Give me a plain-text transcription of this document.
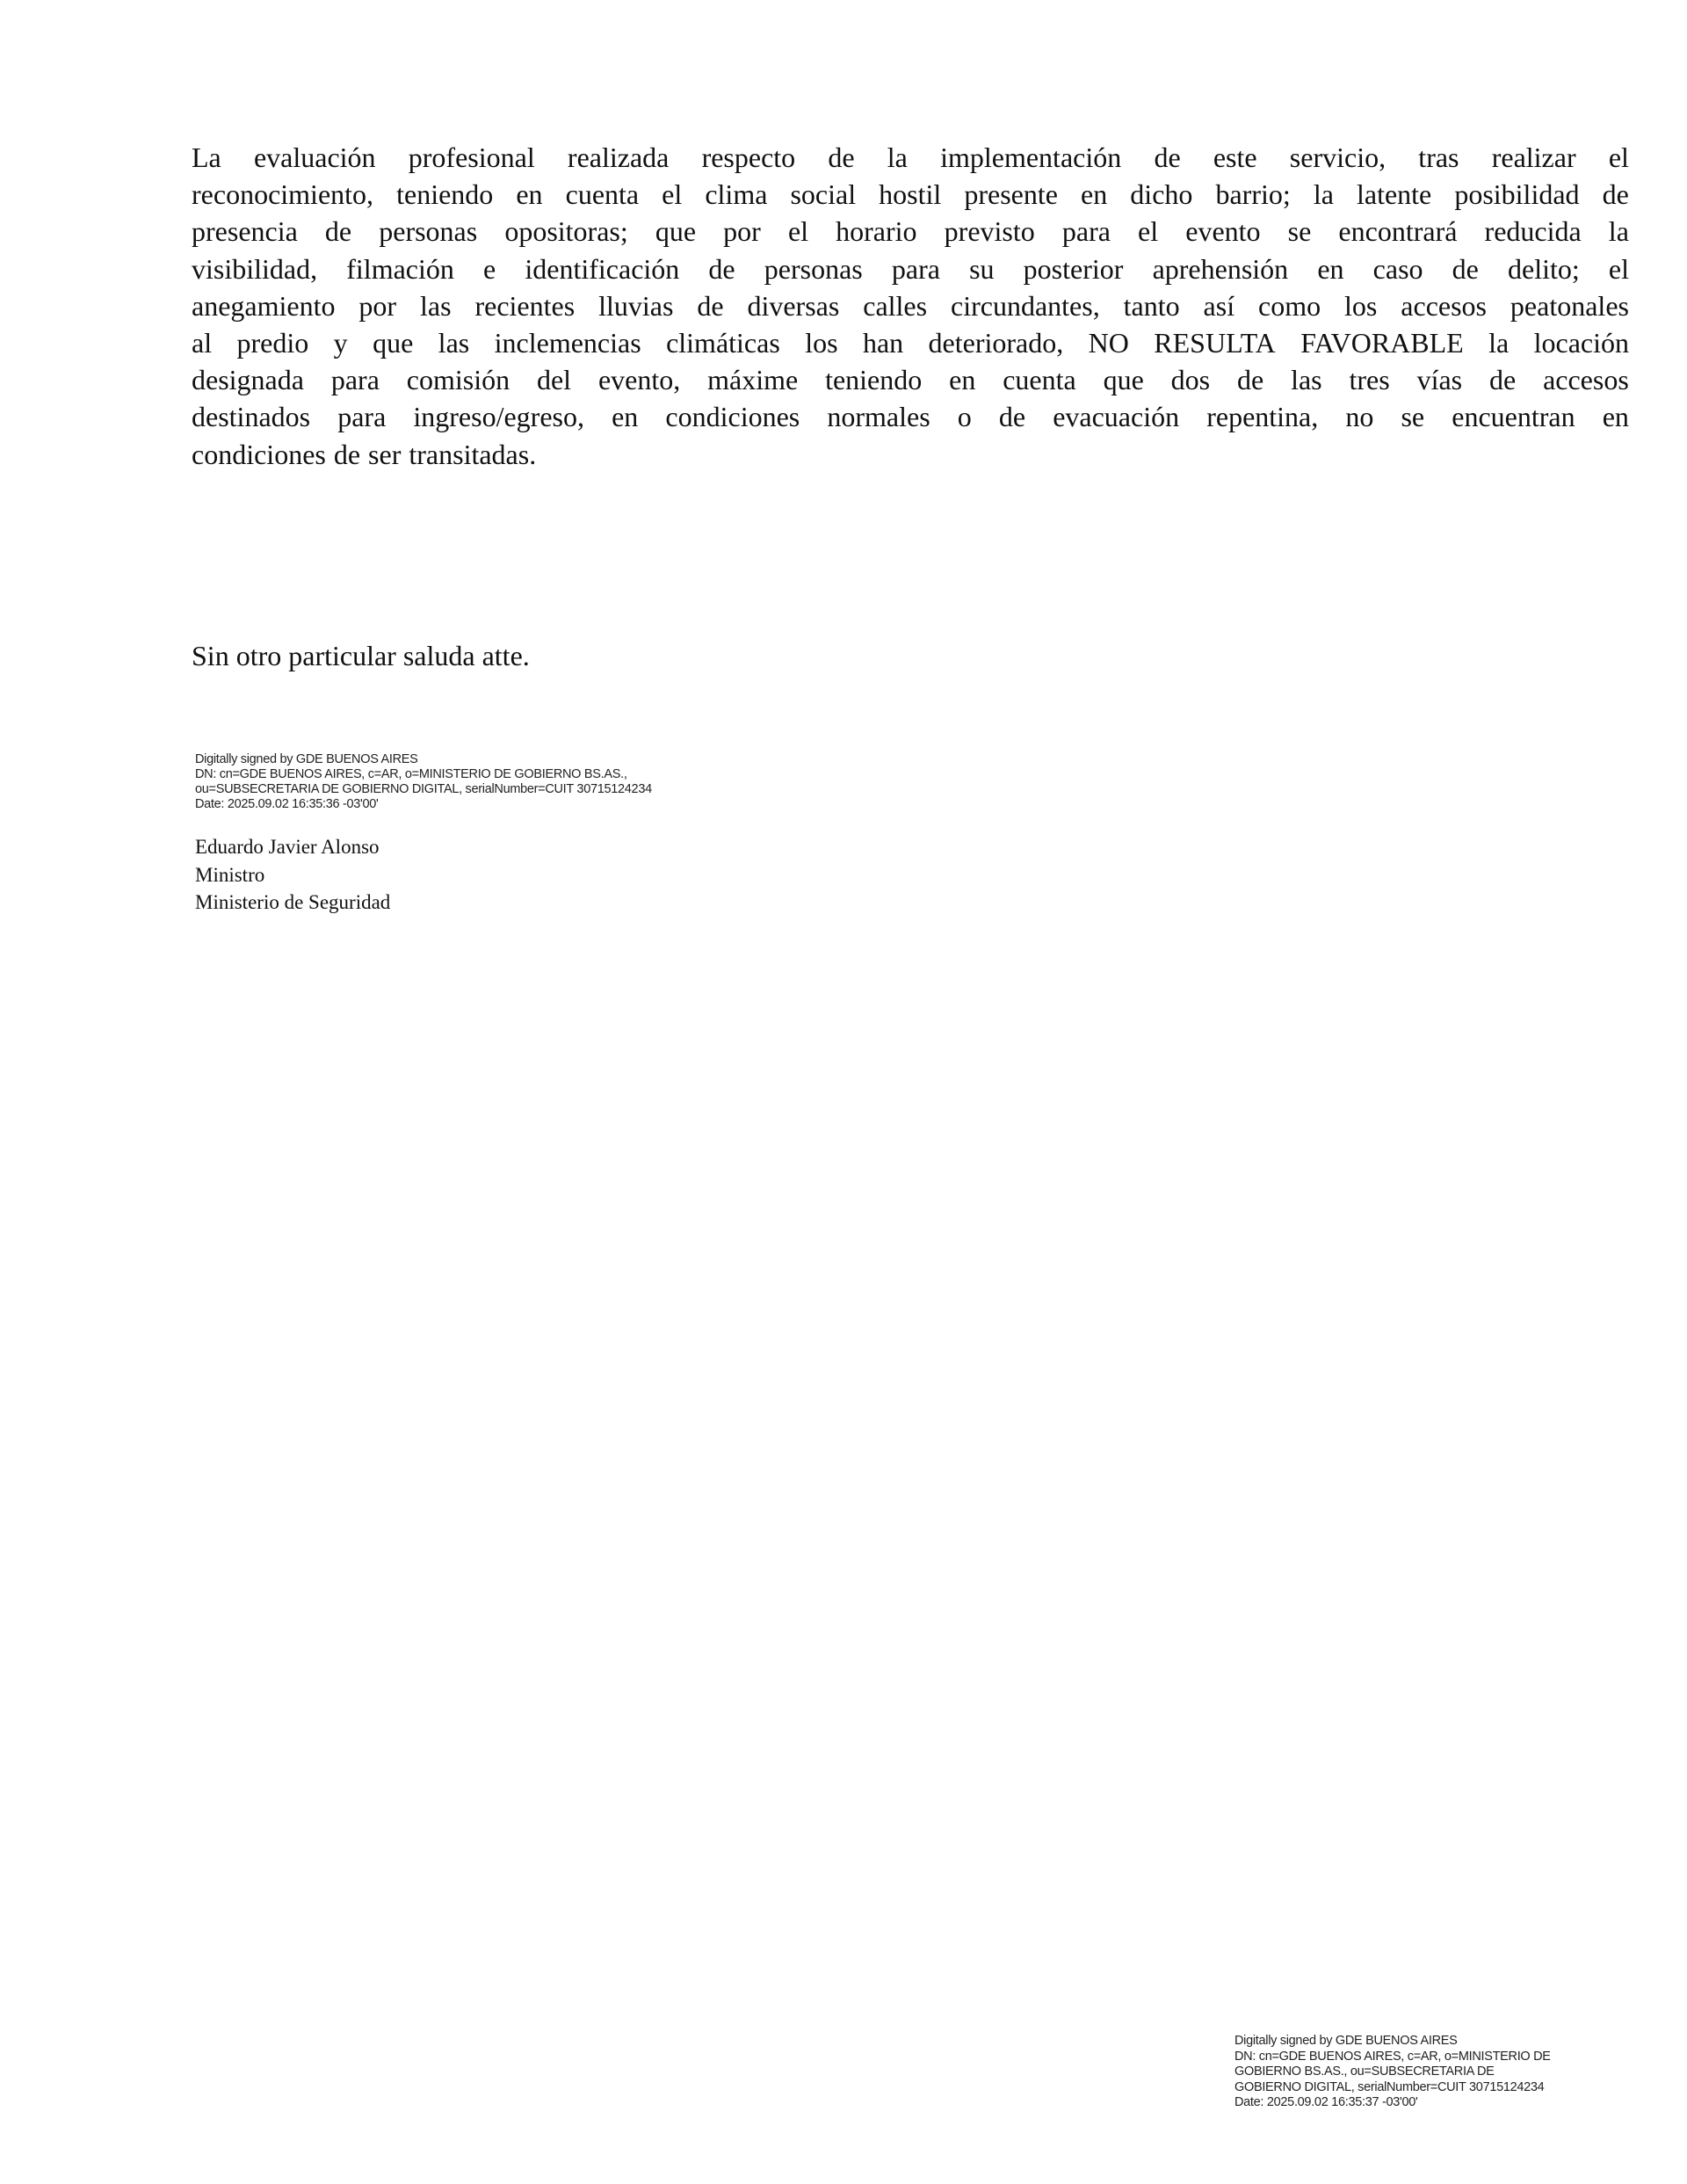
La evaluación profesional realizada respecto de la implementación de este servicio, tras realizar el
reconocimiento, teniendo en cuenta el clima social hostil presente en dicho barrio; la latente posibilidad de
presencia de personas opositoras; que por el horario previsto para el evento se encontrará reducida la
visibilidad, filmación e identificación de personas para su posterior aprehensión en caso de delito; el
anegamiento por las recientes lluvias de diversas calles circundantes, tanto así como los accesos peatonales
al predio y que las inclemencias climáticas los han deteriorado, NO RESULTA FAVORABLE la locación
designada para comisión del evento, máxime teniendo en cuenta que dos de las tres vías de accesos
destinados para ingreso/egreso, en condiciones normales o de evacuación repentina, no se encuentran en
condiciones de ser transitadas.
Sin otro particular saluda atte.
Digitally signed by GDE BUENOS AIRES
DN: cn=GDE BUENOS AIRES, c=AR, o=MINISTERIO DE GOBIERNO BS.AS.,
ou=SUBSECRETARIA DE GOBIERNO DIGITAL, serialNumber=CUIT 30715124234
Date: 2025.09.02 16:35:36 -03'00'
Eduardo Javier Alonso
Ministro
Ministerio de Seguridad
Digitally signed by GDE BUENOS AIRES
DN: cn=GDE BUENOS AIRES, c=AR, o=MINISTERIO DE
GOBIERNO BS.AS., ou=SUBSECRETARIA DE
GOBIERNO DIGITAL, serialNumber=CUIT 30715124234
Date: 2025.09.02 16:35:37 -03'00'
